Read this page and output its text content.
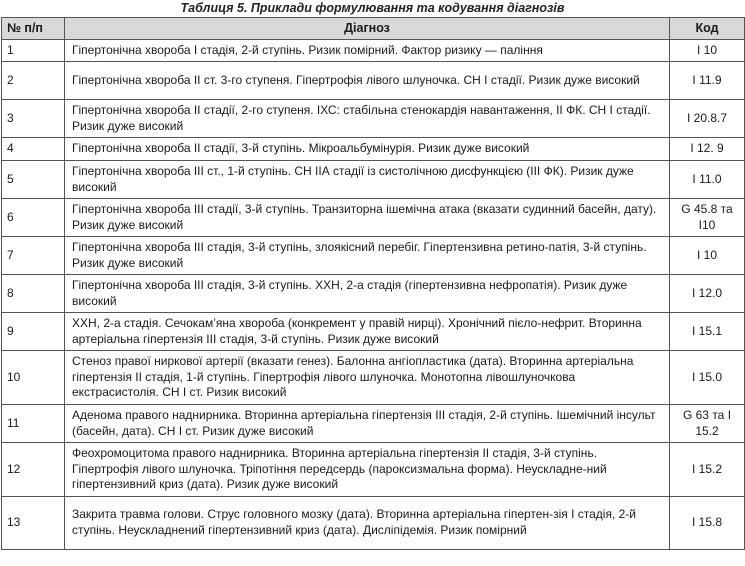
Таблиця 5. Приклади формулювання та кодування діагнозів
№ п/п	Діагноз	Код
1	Гіпертонічна хвороба І стадія, 2-й ступінь. Ризик помірний. Фактор ризику — паління	І 10
2	Гіпертонічна хвороба ІІ ст. 3-го ступеня. Гіпертрофія лівого шлуночка. СН І стадії. Ризик дуже високий	І 11.9
3	Гіпертонічна хвороба ІІ стадії, 2-го ступеня. ІХС: стабільна стенокардія навантаження, ІІ ФК. СН І стадії. Ризик дуже високий	І 20.8.7
4	Гіпертонічна хвороба ІІ стадії, 3-й ступінь. Мікроальбумінурія. Ризик дуже високий	І 12. 9
5	Гіпертонічна хвороба ІІІ ст., 1-й ступінь. СН ІІА стадії із систолічною дисфункцією (ІІІ ФК). Ризик дуже високий	І 11.0
6	Гіпертонічна хвороба ІІІ стадії, 3-й ступінь. Транзиторна ішемічна атака (вказати судинний басейн, дату). Ризик дуже високий	G 45.8 та І10
7	Гіпертонічна хвороба ІІІ стадія, 3-й ступінь, злоякісний перебіг. Гіпертензивна ретино-патія, 3-й ступінь. Ризик дуже високий	І 10
8	Гіпертонічна хвороба ІІІ стадія, 3-й ступінь. ХХН, 2-а стадія (гіпертензивна нефропатія). Ризик дуже високий	І 12.0
9	ХХН, 2-а стадія. Сечокам’яна хвороба (конкремент у правій нирці). Хронічний пієло-нефрит. Вторинна артеріальна гіпертензія ІІІ стадія, 3-й ступінь. Ризик дуже високий	І 15.1
10	Стеноз правої ниркової артерії (вказати генез). Балонна ангіопластика (дата). Вторинна артеріальна гіпертензія ІІ стадія, 1-й ступінь. Гіпертрофія лівого шлуночка. Монотопна лівошлуночкова екстрасистолія. СН І ст. Ризик високий	І 15.0
11	Аденома правого наднирника. Вторинна артеріальна гіпертензія ІІІ стадія, 2-й ступінь. Ішемічний інсульт (басейн, дата). СН І ст. Ризик дуже високий	G 63 та І 15.2
12	Феохромоцитома правого наднирника. Вторинна артеріальна гіпертензія ІІ стадія, 3-й ступінь. Гіпертрофія лівого шлуночка. Тріпотіння передсердь (пароксизмальна форма). Неускладне-ний гіпертензивний криз (дата). Ризик дуже високий	І 15.2
13	Закрита травма голови. Струс головного мозку (дата). Вторинна артеріальна гіпертен-зія І стадія, 2-й ступінь. Неускладнений гіпертензивний криз (дата). Дисліпідемія. Ризик помірний	І 15.8
